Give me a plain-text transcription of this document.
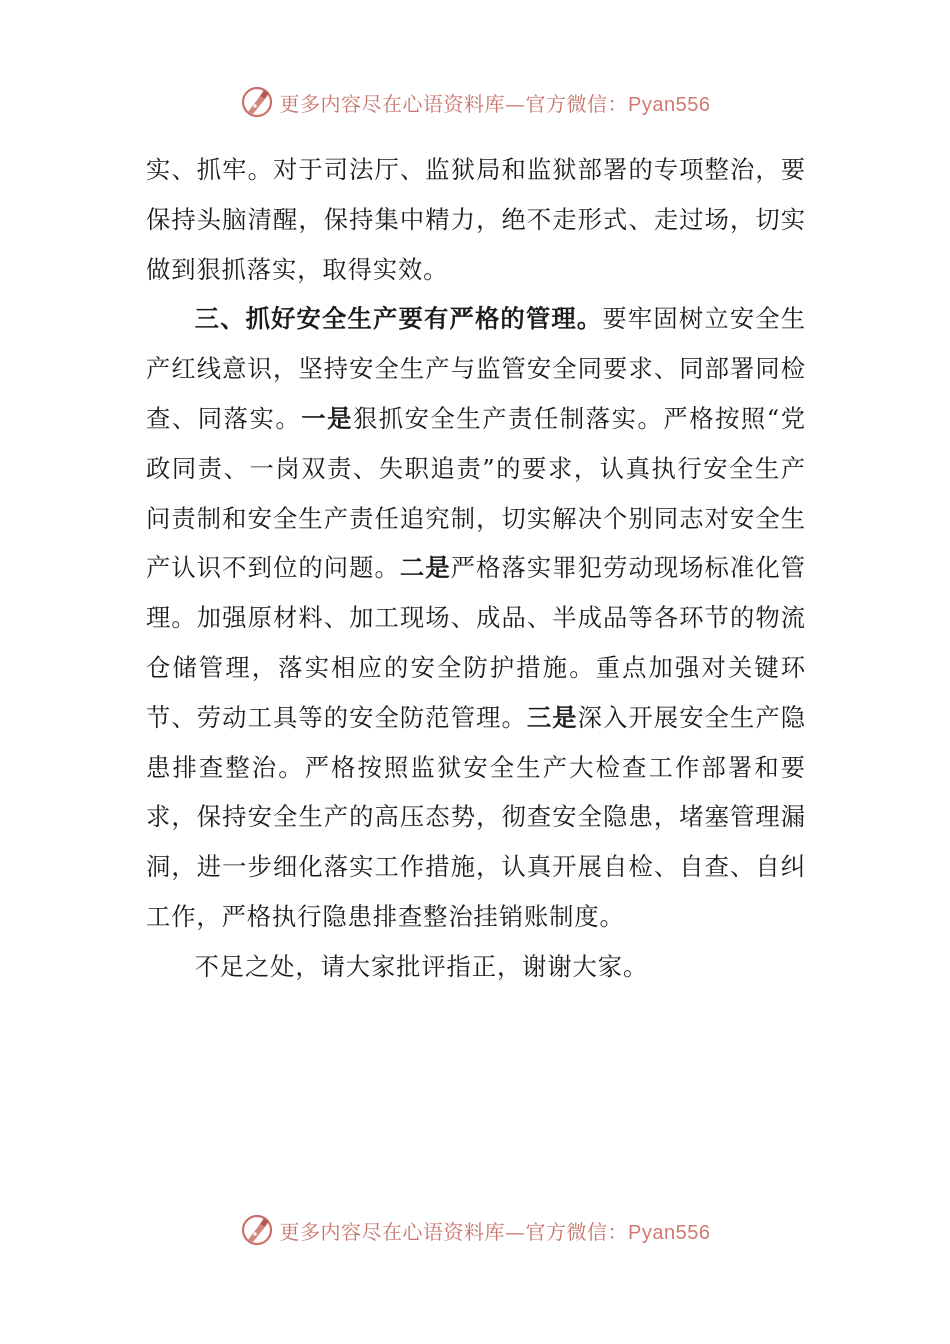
更多内容尽在心语资料库—官方微信：Pyan556

实、抓牢。对于司法厅、监狱局和监狱部署的专项整治，要保持头脑清醒，保持集中精力，绝不走形式、走过场，切实做到狠抓落实，取得实效。

三、抓好安全生产要有严格的管理。要牢固树立安全生产红线意识，坚持安全生产与监管安全同要求、同部署同检查、同落实。一是狠抓安全生产责任制落实。严格按照“党政同责、一岗双责、失职追责”的要求，认真执行安全生产问责制和安全生产责任追究制，切实解决个别同志对安全生产认识不到位的问题。二是严格落实罪犯劳动现场标准化管理。加强原材料、加工现场、成品、半成品等各环节的物流仓储管理，落实相应的安全防护措施。重点加强对关键环节、劳动工具等的安全防范管理。三是深入开展安全生产隐患排查整治。严格按照监狱安全生产大检查工作部署和要求，保持安全生产的高压态势，彻查安全隐患，堵塞管理漏洞，进一步细化落实工作措施，认真开展自检、自查、自纠工作，严格执行隐患排查整治挂销账制度。

不足之处，请大家批评指正，谢谢大家。

更多内容尽在心语资料库—官方微信：Pyan556
